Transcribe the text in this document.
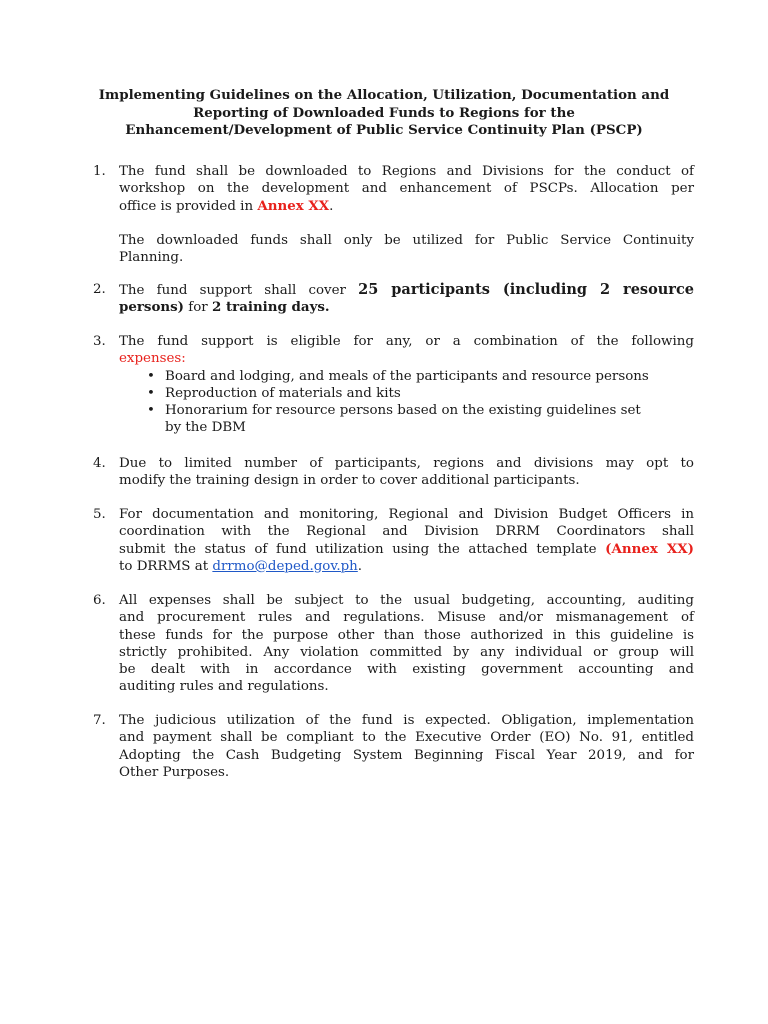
Implementing Guidelines on the Allocation, Utilization, Documentation and
Reporting of Downloaded Funds to Regions for the
Enhancement/Development of Public Service Continuity Plan (PSCP)
1. The fund shall be downloaded to Regions and Divisions for the conduct of
workshop on the development and enhancement of PSCPs. Allocation per
office is provided in Annex XX.

The downloaded funds shall only be utilized for Public Service Continuity
Planning.

2. The fund support shall cover 25 participants (including 2 resource
persons) for 2 training days.
3. The fund support is eligible for any, or a combination of the following
expenses:
• Board and lodging, and meals of the participants and resource persons
• Reproduction of materials and kits
• Honorarium for resource persons based on the existing guidelines set
by the DBM
4. Due to limited number of participants, regions and divisions may opt to
modify the training design in order to cover additional participants.
5. For documentation and monitoring, Regional and Division Budget Officers in
coordination with the Regional and Division DRRM Coordinators shall
submit the status of fund utilization using the attached template (Annex XX)
to DRRMS at drrmo@deped.gov.ph.
6. All expenses shall be subject to the usual budgeting, accounting, auditing
and procurement rules and regulations. Misuse and/or mismanagement of
these funds for the purpose other than those authorized in this guideline is
strictly prohibited. Any violation committed by any individual or group will
be dealt with in accordance with existing government accounting and
auditing rules and regulations.
7. The judicious utilization of the fund is expected. Obligation, implementation
and payment shall be compliant to the Executive Order (EO) No. 91, entitled
Adopting the Cash Budgeting System Beginning Fiscal Year 2019, and for
Other Purposes.
